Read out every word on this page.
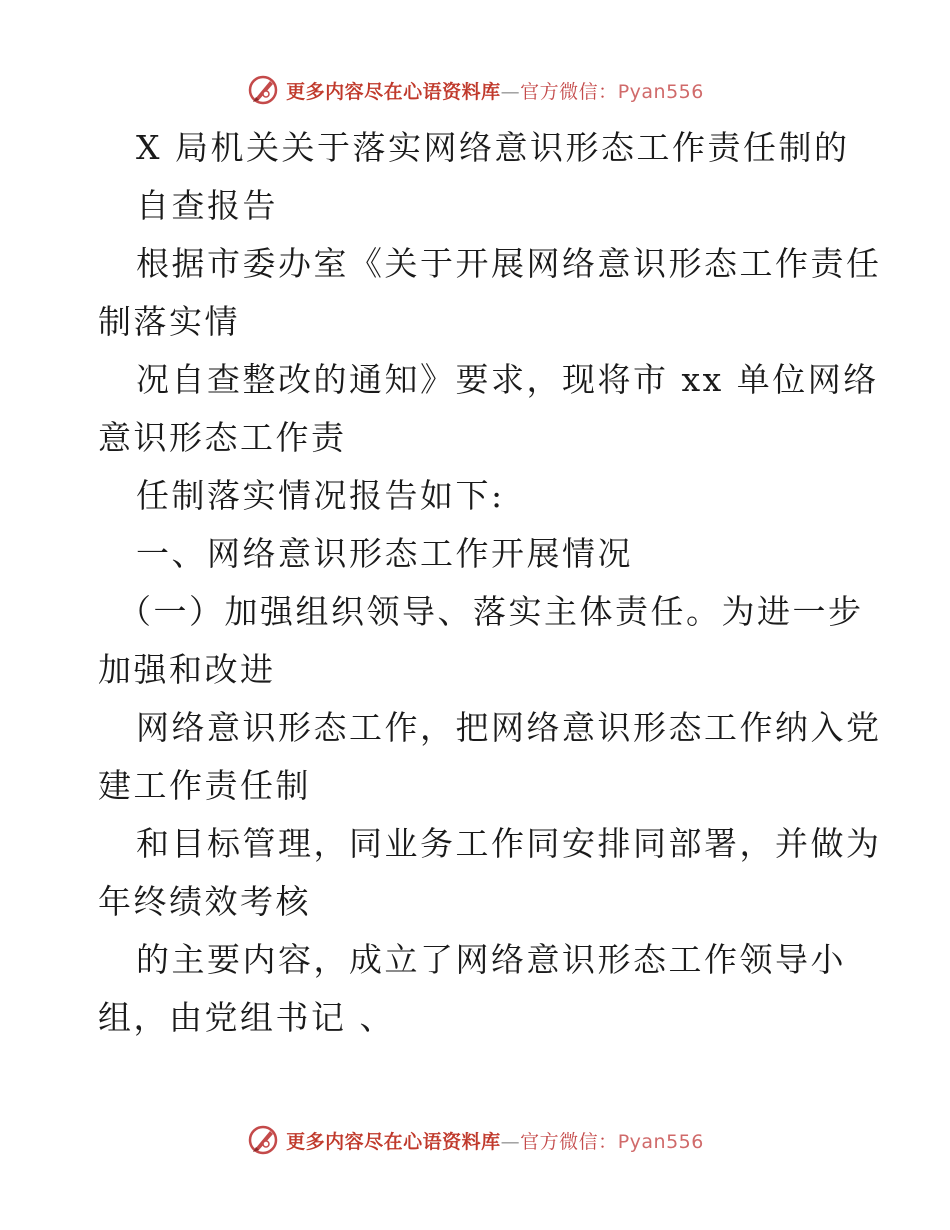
更多内容尽在心语资料库—官方微信：Pyan556
X 局机关关于落实网络意识形态工作责任制的
自查报告
根据市委办室《关于开展网络意识形态工作责任
制落实情
况自查整改的通知》要求，现将市 xx 单位网络
意识形态工作责
任制落实情况报告如下:
一、网络意识形态工作开展情况
（一）加强组织领导、落实主体责任。为进一步
加强和改进
网络意识形态工作，把网络意识形态工作纳入党
建工作责任制
和目标管理，同业务工作同安排同部署，并做为
年终绩效考核
的主要内容，成立了网络意识形态工作领导小
组，由党组书记 、
更多内容尽在心语资料库—官方微信：Pyan556
